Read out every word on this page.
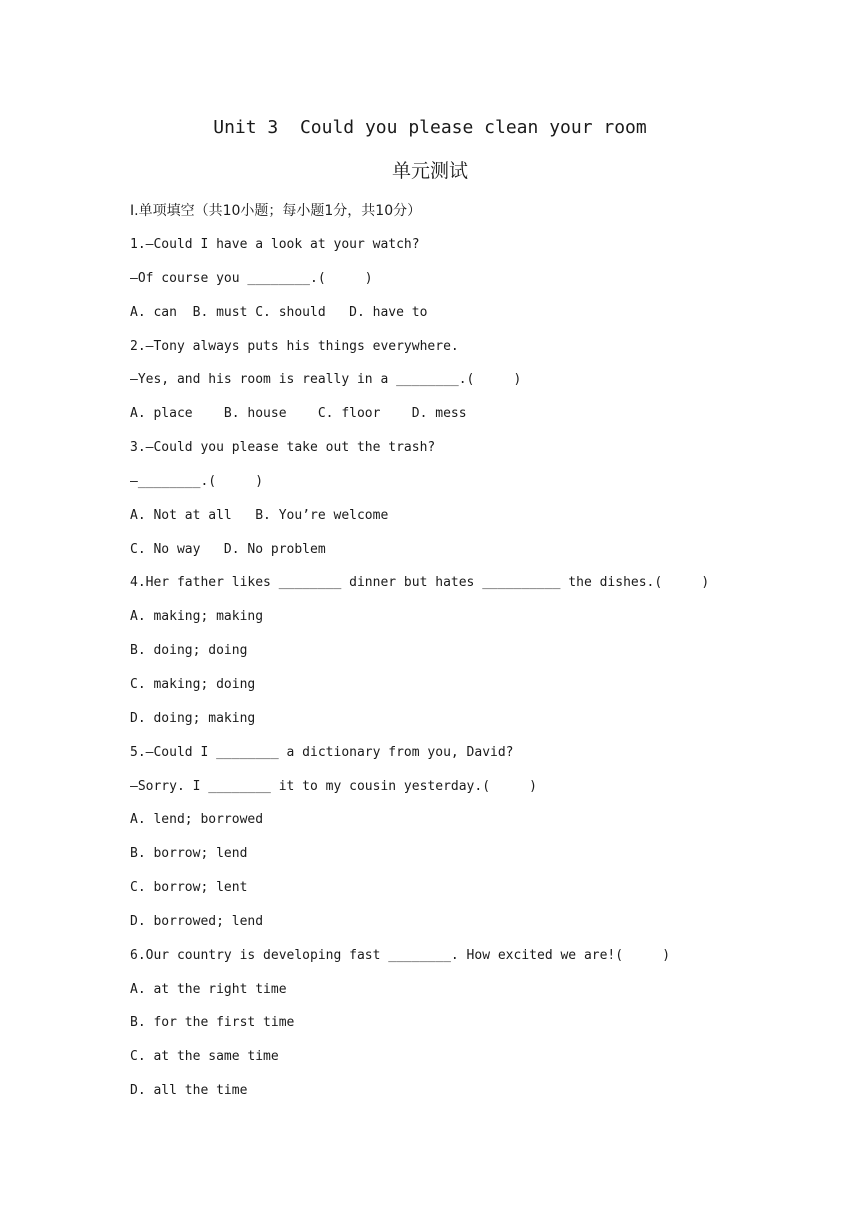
Unit 3  Could you please clean your room
单元测试
Ⅰ.单项填空（共10小题；每小题1分，共10分）
1.—Could I have a look at your watch?
—Of course you ________.(     )
A. can  B. must C. should   D. have to
2.—Tony always puts his things everywhere.
—Yes, and his room is really in a ________.(     )
A. place    B. house    C. floor    D. mess
3.—Could you please take out the trash?
—________.(     )
A. Not at all   B. You’re welcome
C. No way   D. No problem
4.Her father likes ________ dinner but hates __________ the dishes.(     )
A. making; making
B. doing; doing
C. making; doing
D. doing; making
5.—Could I ________ a dictionary from you, David?
—Sorry. I ________ it to my cousin yesterday.(     )
A. lend; borrowed
B. borrow; lend
C. borrow; lent
D. borrowed; lend
6.Our country is developing fast ________. How excited we are!(     )
A. at the right time
B. for the first time
C. at the same time
D. all the time
